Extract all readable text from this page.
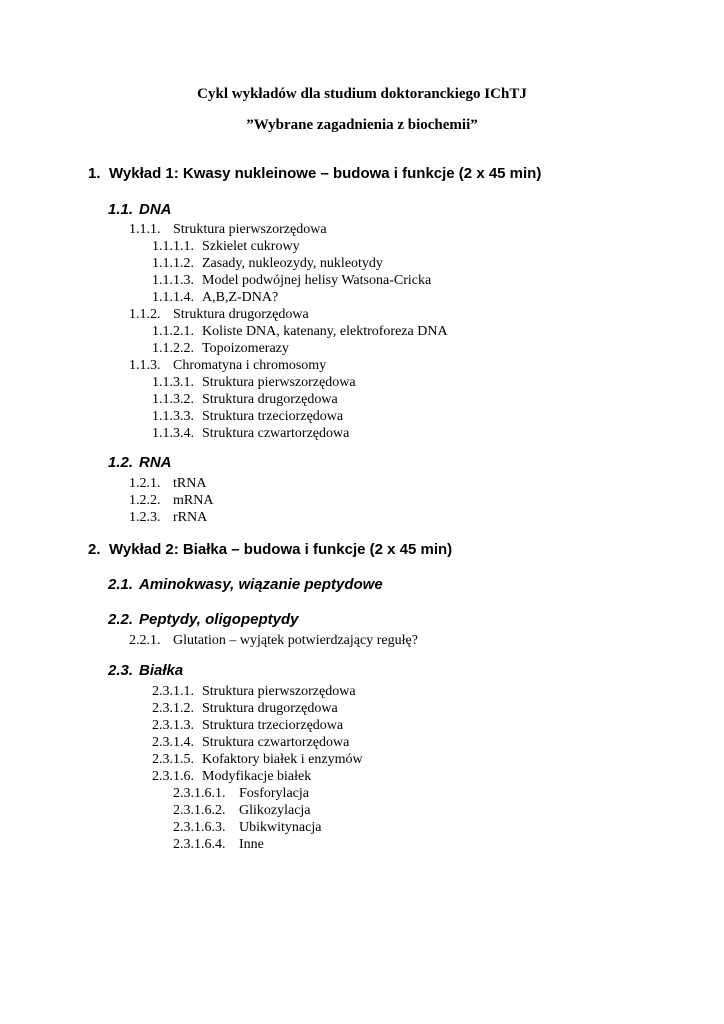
Cykl wykładów dla studium doktoranckiego IChTJ
”Wybrane zagadnienia z biochemii”
1. Wykład 1: Kwasy nukleinowe – budowa i funkcje (2 x 45 min)
1.1. DNA
1.1.1. Struktura pierwszorzędowa
1.1.1.1. Szkielet cukrowy
1.1.1.2. Zasady, nukleozydy, nukleotydy
1.1.1.3. Model podwójnej helisy Watsona-Cricka
1.1.1.4. A,B,Z-DNA?
1.1.2. Struktura drugorzędowa
1.1.2.1. Koliste DNA, katenany, elektroforeza DNA
1.1.2.2. Topoizomerazy
1.1.3. Chromatyna i chromosomy
1.1.3.1. Struktura pierwszorzędowa
1.1.3.2. Struktura drugorzędowa
1.1.3.3. Struktura trzeciorzędowa
1.1.3.4. Struktura czwartorzędowa
1.2. RNA
1.2.1. tRNA
1.2.2. mRNA
1.2.3. rRNA
2. Wykład 2: Białka – budowa i funkcje (2 x 45 min)
2.1. Aminokwasy, wiązanie peptydowe
2.2. Peptydy, oligopeptydy
2.2.1. Glutation – wyjątek potwierdzający regułę?
2.3. Białka
2.3.1.1. Struktura pierwszorzędowa
2.3.1.2. Struktura drugorzędowa
2.3.1.3. Struktura trzeciorzędowa
2.3.1.4. Struktura czwartorzędowa
2.3.1.5. Kofaktory białek i enzymów
2.3.1.6. Modyfikacje białek
2.3.1.6.1. Fosforylacja
2.3.1.6.2. Glikozylacja
2.3.1.6.3. Ubikwitynacja
2.3.1.6.4. Inne
